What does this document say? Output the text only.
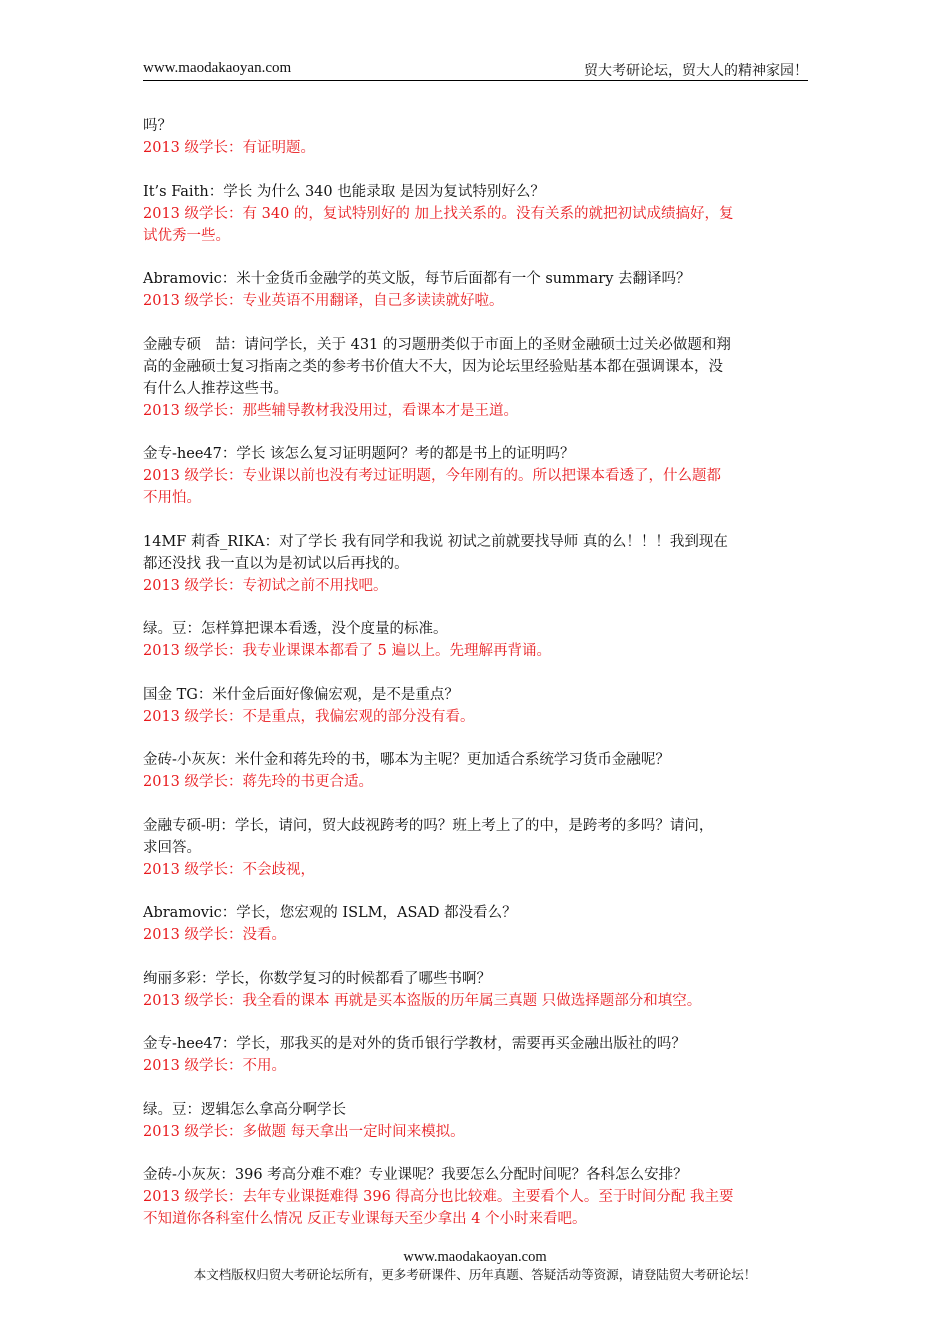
www.maodakaoyan.com	贸大考研论坛，贸大人的精神家园！
吗？
2013 级学长：有证明题。
It’s Faith：学长 为什么 340 也能录取 是因为复试特别好么？
2013 级学长：有 340 的，复试特别好的 加上找关系的。没有关系的就把初试成绩搞好，复
试优秀一些。
Abramovic：米十金货币金融学的英文版，每节后面都有一个 summary 去翻译吗？
2013 级学长：专业英语不用翻译，自己多读读就好啦。
金融专硕　喆：请问学长，关于 431 的习题册类似于市面上的圣财金融硕士过关必做题和翔
高的金融硕士复习指南之类的参考书价值大不大，因为论坛里经验贴基本都在强调课本，没
有什么人推荐这些书。
2013 级学长：那些辅导教材我没用过，看课本才是王道。
金专-hee47：学长 该怎么复习证明题阿？考的都是书上的证明吗？
2013 级学长：专业课以前也没有考过证明题，今年刚有的。所以把课本看透了，什么题都
不用怕。
14MF 莉香_RIKA：对了学长 我有同学和我说 初试之前就要找导师 真的么！！！我到现在
都还没找 我一直以为是初试以后再找的。
2013 级学长：专初试之前不用找吧。
绿。豆：怎样算把课本看透，没个度量的标准。
2013 级学长：我专业课课本都看了 5 遍以上。先理解再背诵。
国金 TG：米什金后面好像偏宏观，是不是重点？
2013 级学长：不是重点，我偏宏观的部分没有看。
金砖-小灰灰：米什金和蒋先玲的书，哪本为主呢？更加适合系统学习货币金融呢？
2013 级学长：蒋先玲的书更合适。
金融专硕-明：学长，请问，贸大歧视跨考的吗？班上考上了的中，是跨考的多吗？请问，
求回答。
2013 级学长：不会歧视，
Abramovic：学长，您宏观的 ISLM，ASAD 都没看么？
2013 级学长：没看。
绚丽多彩：学长，你数学复习的时候都看了哪些书啊？
2013 级学长：我全看的课本 再就是买本盗版的历年属三真题 只做选择题部分和填空。
金专-hee47：学长，那我买的是对外的货币银行学教材，需要再买金融出版社的吗？
2013 级学长：不用。
绿。豆：逻辑怎么拿高分啊学长
2013 级学长：多做题 每天拿出一定时间来模拟。
金砖-小灰灰：396 考高分难不难？专业课呢？我要怎么分配时间呢？各科怎么安排？
2013 级学长：去年专业课挺难得 396 得高分也比较难。主要看个人。至于时间分配 我主要
不知道你各科室什么情况 反正专业课每天至少拿出 4 个小时来看吧。
www.maodakaoyan.com
本文档版权归贸大考研论坛所有，更多考研课件、历年真题、答疑活动等资源，请登陆贸大考研论坛！
